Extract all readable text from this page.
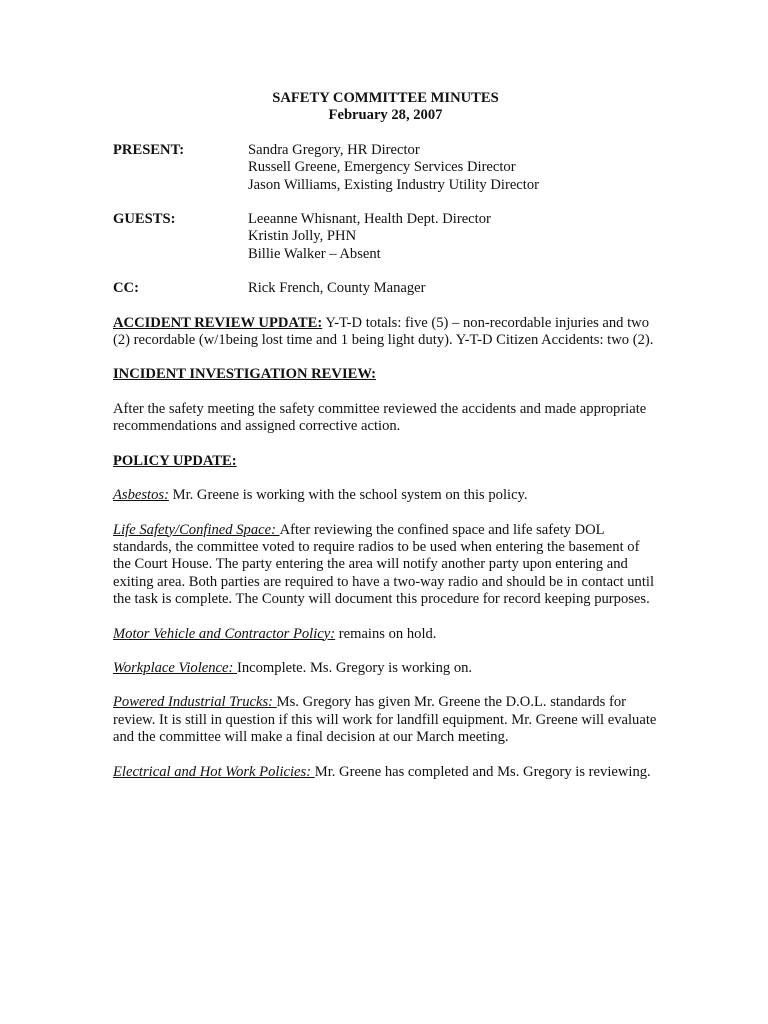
SAFETY COMMITTEE MINUTES

February 28, 2007

PRESENT:	Sandra Gregory, HR Director
Russell Greene, Emergency Services Director
Jason Williams, Existing Industry Utility Director
GUESTS:	Leeanne Whisnant, Health Dept. Director
Kristin Jolly, PHN
Billie Walker – Absent
CC:	Rick French, County Manager

ACCIDENT REVIEW UPDATE: Y-T-D totals: five (5) – non-recordable injuries and two (2) recordable (w/1being lost time and 1 being light duty). Y-T-D Citizen Accidents: two (2).

INCIDENT INVESTIGATION REVIEW:

After the safety meeting the safety committee reviewed the accidents and made appropriate recommendations and assigned corrective action.

POLICY UPDATE:

Asbestos: Mr. Greene is working with the school system on this policy.

Life Safety/Confined Space: After reviewing the confined space and life safety DOL standards, the committee voted to require radios to be used when entering the basement of the Court House. The party entering the area will notify another party upon entering and exiting area. Both parties are required to have a two-way radio and should be in contact until the task is complete. The County will document this procedure for record keeping purposes.

Motor Vehicle and Contractor Policy: remains on hold.

Workplace Violence: Incomplete. Ms. Gregory is working on.

Powered Industrial Trucks: Ms. Gregory has given Mr. Greene the D.O.L. standards for review. It is still in question if this will work for landfill equipment. Mr. Greene will evaluate and the committee will make a final decision at our March meeting.

Electrical and Hot Work Policies: Mr. Greene has completed and Ms. Gregory is reviewing.
